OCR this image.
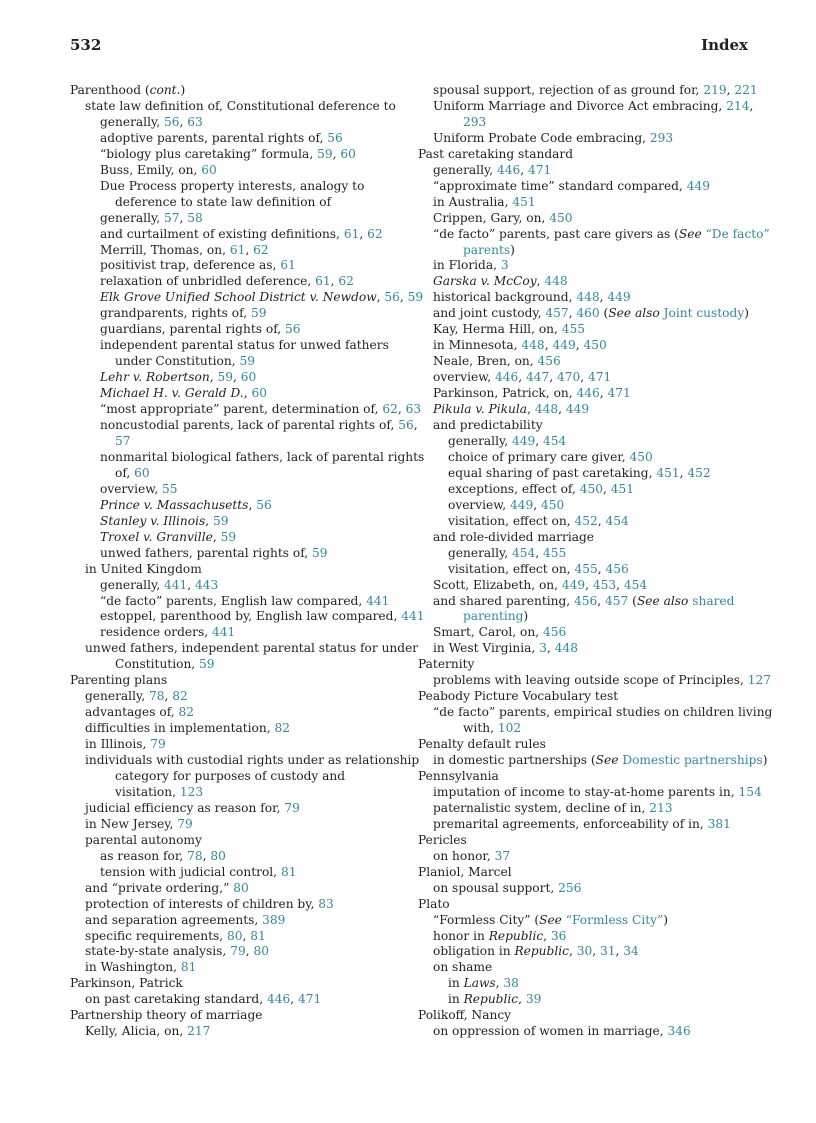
532	Index
Parenthood (cont.)
state law definition of, Constitutional deference to
generally, 56, 63
adoptive parents, parental rights of, 56
“biology plus caretaking” formula, 59, 60
Buss, Emily, on, 60
Due Process property interests, analogy to
deference to state law definition of
generally, 57, 58
and curtailment of existing definitions, 61, 62
Merrill, Thomas, on, 61, 62
positivist trap, deference as, 61
relaxation of unbridled deference, 61, 62
Elk Grove Unified School District v. Newdow, 56, 59
grandparents, rights of, 59
guardians, parental rights of, 56
independent parental status for unwed fathers
under Constitution, 59
Lehr v. Robertson, 59, 60
Michael H. v. Gerald D., 60
“most appropriate” parent, determination of, 62, 63
noncustodial parents, lack of parental rights of, 56,
57
nonmarital biological fathers, lack of parental rights
of, 60
overview, 55
Prince v. Massachusetts, 56
Stanley v. Illinois, 59
Troxel v. Granville, 59
unwed fathers, parental rights of, 59
in United Kingdom
generally, 441, 443
“de facto” parents, English law compared, 441
estoppel, parenthood by, English law compared, 441
residence orders, 441
unwed fathers, independent parental status for under
Constitution, 59
Parenting plans
generally, 78, 82
advantages of, 82
difficulties in implementation, 82
in Illinois, 79
individuals with custodial rights under as relationship
category for purposes of custody and
visitation, 123
judicial efficiency as reason for, 79
in New Jersey, 79
parental autonomy
as reason for, 78, 80
tension with judicial control, 81
and “private ordering,” 80
protection of interests of children by, 83
and separation agreements, 389
specific requirements, 80, 81
state-by-state analysis, 79, 80
in Washington, 81
Parkinson, Patrick
on past caretaking standard, 446, 471
Partnership theory of marriage
Kelly, Alicia, on, 217
spousal support, rejection of as ground for, 219, 221
Uniform Marriage and Divorce Act embracing, 214,
293
Uniform Probate Code embracing, 293
Past caretaking standard
generally, 446, 471
“approximate time” standard compared, 449
in Australia, 451
Crippen, Gary, on, 450
“de facto” parents, past care givers as (See “De facto”
parents)
in Florida, 3
Garska v. McCoy, 448
historical background, 448, 449
and joint custody, 457, 460 (See also Joint custody)
Kay, Herma Hill, on, 455
in Minnesota, 448, 449, 450
Neale, Bren, on, 456
overview, 446, 447, 470, 471
Parkinson, Patrick, on, 446, 471
Pikula v. Pikula, 448, 449
and predictability
generally, 449, 454
choice of primary care giver, 450
equal sharing of past caretaking, 451, 452
exceptions, effect of, 450, 451
overview, 449, 450
visitation, effect on, 452, 454
and role-divided marriage
generally, 454, 455
visitation, effect on, 455, 456
Scott, Elizabeth, on, 449, 453, 454
and shared parenting, 456, 457 (See also shared
parenting)
Smart, Carol, on, 456
in West Virginia, 3, 448
Paternity
problems with leaving outside scope of Principles, 127
Peabody Picture Vocabulary test
“de facto” parents, empirical studies on children living
with, 102
Penalty default rules
in domestic partnerships (See Domestic partnerships)
Pennsylvania
imputation of income to stay-at-home parents in, 154
paternalistic system, decline of in, 213
premarital agreements, enforceability of in, 381
Pericles
on honor, 37
Planiol, Marcel
on spousal support, 256
Plato
“Formless City” (See “Formless City”)
honor in Republic, 36
obligation in Republic, 30, 31, 34
on shame
in Laws, 38
in Republic, 39
Polikoff, Nancy
on oppression of women in marriage, 346
